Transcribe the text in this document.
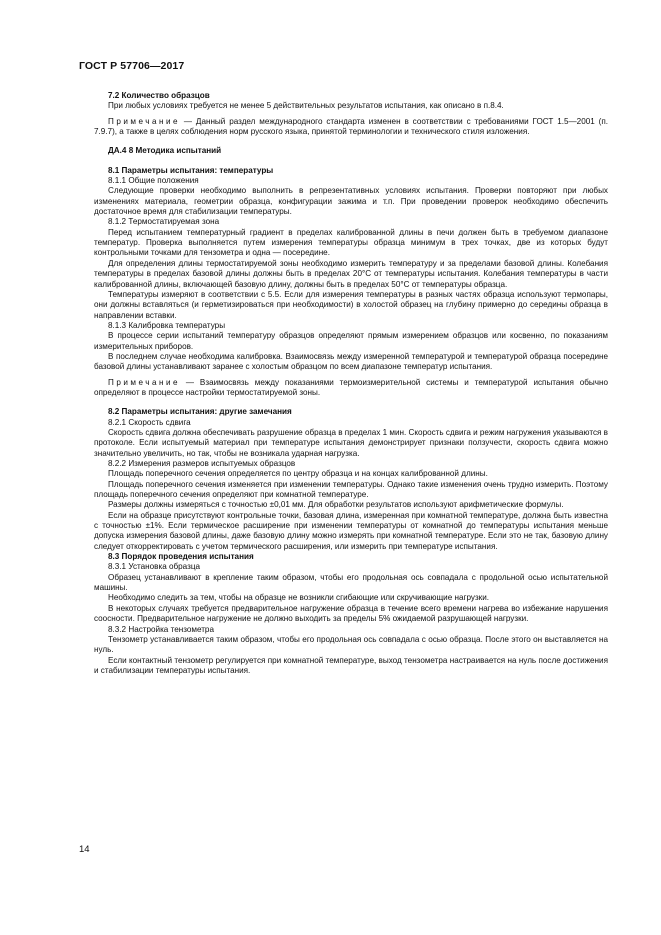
ГОСТ Р 57706—2017

7.2 Количество образцов

При любых условиях требуется не менее 5 действительных результатов испытания, как описано в п.8.4.

Примечание — Данный раздел международного стандарта изменен в соответствии с требованиями ГОСТ 1.5—2001 (п. 7.9.7), а также в целях соблюдения норм русского языка, принятой терминологии и технического стиля изложения.

ДА.4 8 Методика испытаний

8.1 Параметры испытания: температуры

8.1.1 Общие положения

Следующие проверки необходимо выполнить в репрезентативных условиях испытания. Проверки повторяют при любых изменениях материала, геометрии образца, конфигурации зажима и т.п. При проведении проверок необходимо обеспечить достаточное время для стабилизации температуры.

8.1.2 Термостатируемая зона

Перед испытанием температурный градиент в пределах калиброванной длины в печи должен быть в требуемом диапазоне температур. Проверка выполняется путем измерения температуры образца минимум в трех точках, две из которых будут контрольными точками для тензометра и одна — посередине.

Для определения длины термостатируемой зоны необходимо измерить температуру и за пределами базовой длины. Колебания температуры в пределах базовой длины должны быть в пределах 20°С от температуры испытания. Колебания температуры в части калиброванной длины, включающей базовую длину, должны быть в пределах 50°С от температуры образца.

Температуры измеряют в соответствии с 5.5. Если для измерения температуры в разных частях образца используют термопары, они должны вставляться (и герметизироваться при необходимости) в холостой образец на глубину примерно до середины образца в направлении вставки.

8.1.3 Калибровка температуры

В процессе серии испытаний температуру образцов определяют прямым измерением образцов или косвенно, по показаниям измерительных приборов.

В последнем случае необходима калибровка. Взаимосвязь между измеренной температурой и температурой образца посередине базовой длины устанавливают заранее с холостым образцом по всем диапазоне температур испытания.

Примечание — Взаимосвязь между показаниями термоизмерительной системы и температурой испытания обычно определяют в процессе настройки термостатируемой зоны.

8.2 Параметры испытания: другие замечания

8.2.1 Скорость сдвига

Скорость сдвига должна обеспечивать разрушение образца в пределах 1 мин. Скорость сдвига и режим нагружения указываются в протоколе. Если испытуемый материал при температуре испытания демонстрирует признаки ползучести, скорость сдвига можно значительно увеличить, но так, чтобы не возникала ударная нагрузка.

8.2.2 Измерения размеров испытуемых образцов

Площадь поперечного сечения определяется по центру образца и на концах калиброванной длины.

Площадь поперечного сечения изменяется при изменении температуры. Однако такие изменения очень трудно измерить. Поэтому площадь поперечного сечения определяют при комнатной температуре.

Размеры должны измеряться с точностью ±0,01 мм. Для обработки результатов используют арифметические формулы.

Если на образце присутствуют контрольные точки, базовая длина, измеренная при комнатной температуре, должна быть известна с точностью ±1%. Если термическое расширение при изменении температуры от комнатной до температуры испытания меньше допуска измерения базовой длины, даже базовую длину можно измерять при комнатной температуре. Если это не так, базовую длину следует откорректировать с учетом термического расширения, или измерить при температуре испытания.

8.3 Порядок проведения испытания

8.3.1 Установка образца

Образец устанавливают в крепление таким образом, чтобы его продольная ось совпадала с продольной осью испытательной машины.

Необходимо следить за тем, чтобы на образце не возникли сгибающие или скручивающие нагрузки.

В некоторых случаях требуется предварительное нагружение образца в течение всего времени нагрева во избежание нарушения соосности. Предварительное нагружение не должно выходить за пределы 5% ожидаемой разрушающей нагрузки.

8.3.2 Настройка тензометра

Тензометр устанавливается таким образом, чтобы его продольная ось совпадала с осью образца. После этого он выставляется на нуль.

Если контактный тензометр регулируется при комнатной температуре, выход тензометра настраивается на нуль после достижения и стабилизации температуры испытания.

14
